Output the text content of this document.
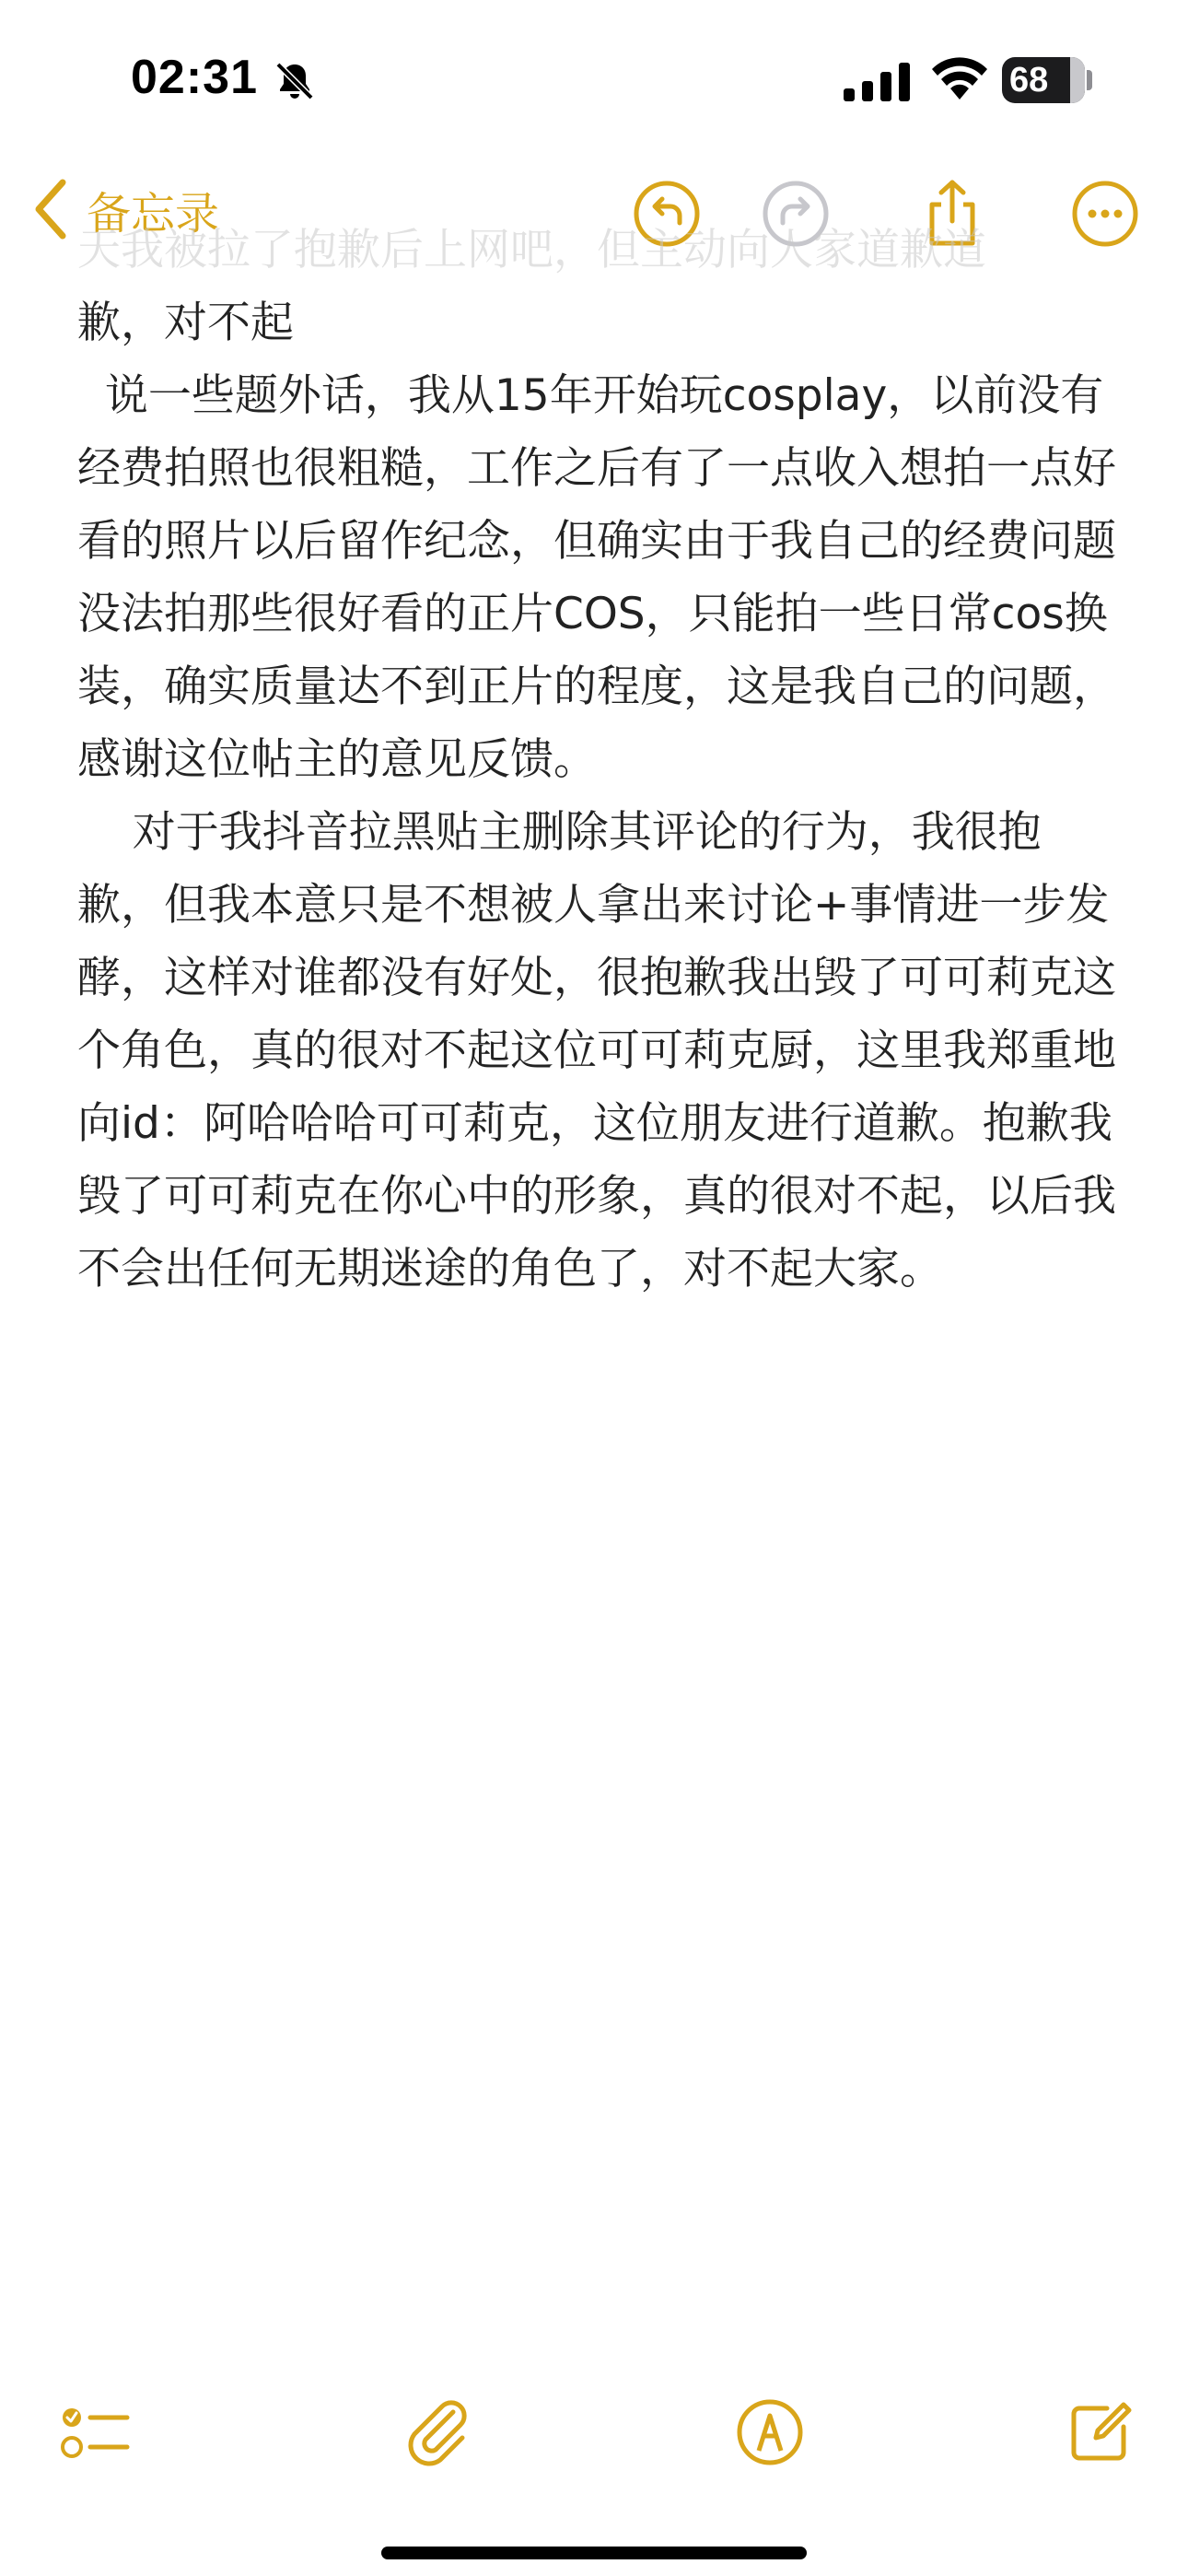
02:31	68
备忘录
天我被拉了抱歉后上网吧，但主动向人家道歉道
歉，对不起
说一些题外话，我从15年开始玩cosplay，以前没有经费拍照也很粗糙，工作之后有了一点收入想拍一点好看的照片以后留作纪念，但确实由于我自己的经费问题没法拍那些很好看的正片COS，只能拍一些日常cos换装，确实质量达不到正片的程度，这是我自己的问题，感谢这位帖主的意见反馈。
对于我抖音拉黑贴主删除其评论的行为，我很抱歉，但我本意只是不想被人拿出来讨论+事情进一步发酵，这样对谁都没有好处，很抱歉我出毁了可可莉克这个角色，真的很对不起这位可可莉克厨，这里我郑重地向id：阿哈哈哈可可莉克，这位朋友进行道歉。抱歉我毁了可可莉克在你心中的形象，真的很对不起，以后我不会出任何无期迷途的角色了，对不起大家。
